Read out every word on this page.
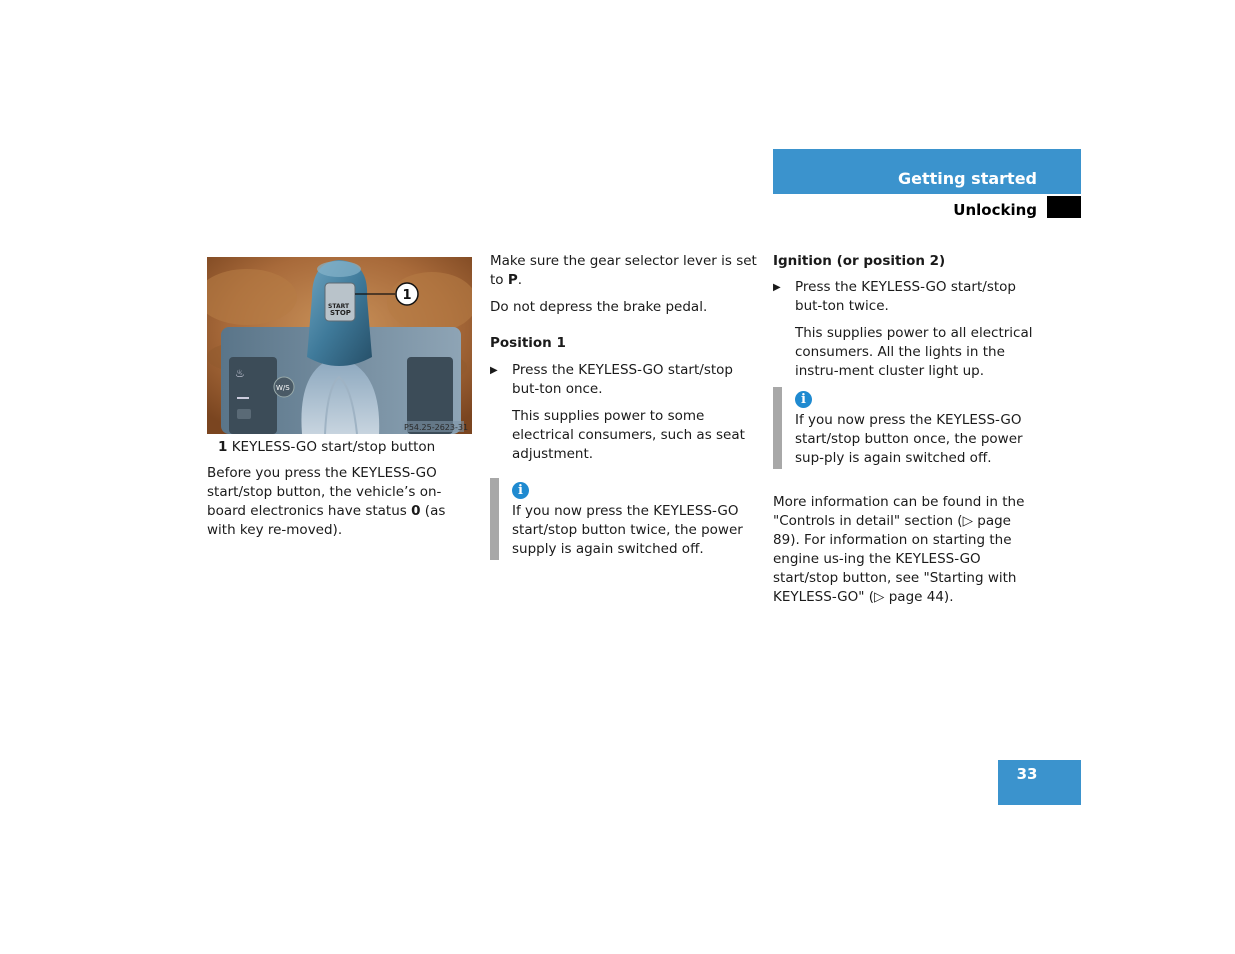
Getting started
Unlocking
♨
W/S
START
STOP
1
P54.25-2623-31
1 KEYLESS-GO start/stop button

Before you press the KEYLESS-GO start/stop button, the vehicle’s on-board electronics have status 0 (as with key re-moved).

Make sure the gear selector lever is set to P.

Do not depress the brake pedal.

Position 1

▶ Press the KEYLESS-GO start/stop but-ton once.

This supplies power to some electrical consumers, such as seat adjustment.

i

If you now press the KEYLESS-GO start/stop button twice, the power supply is again switched off.

Ignition (or position 2)

▶ Press the KEYLESS-GO start/stop but-ton twice.

This supplies power to all electrical consumers. All the lights in the instru-ment cluster light up.

i

If you now press the KEYLESS-GO start/stop button once, the power sup-ply is again switched off.

More information can be found in the "Controls in detail" section (▷ page 89). For information on starting the engine us-ing the KEYLESS-GO start/stop button, see "Starting with KEYLESS-GO" (▷ page 44).

33
